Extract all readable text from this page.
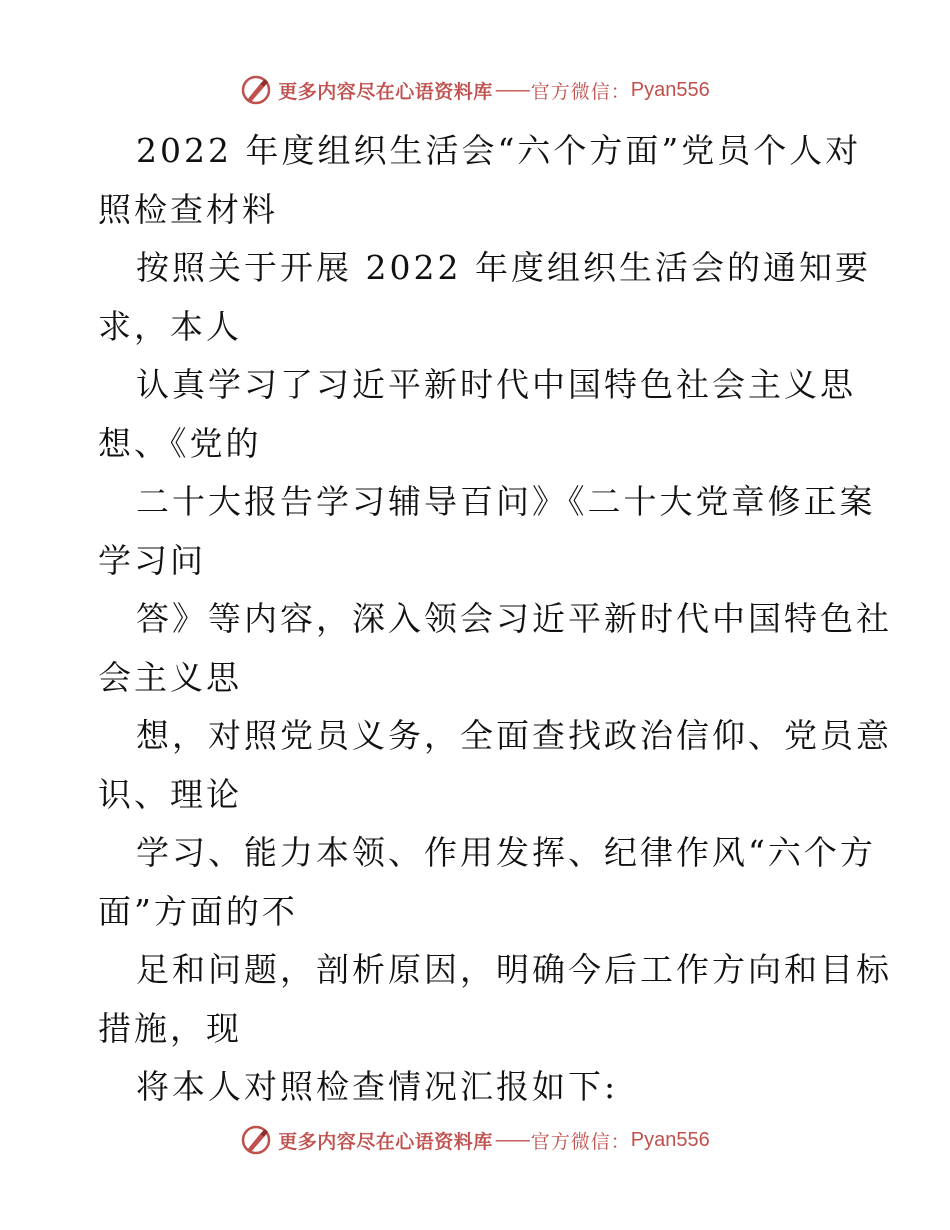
更多内容尽在心语资料库 —— 官方微信： Pyan556
2022 年度组织生活会“六个方面”党员个人对
照检查材料
按照关于开展 2022 年度组织生活会的通知要
求，本人
认真学习了习近平新时代中国特色社会主义思
想、《党的
二十大报告学习辅导百问》《二十大党章修正案
学习问
答》等内容，深入领会习近平新时代中国特色社
会主义思
想，对照党员义务，全面查找政治信仰、党员意
识、理论
学习、能力本领、作用发挥、纪律作风“六个方
面”方面的不
足和问题，剖析原因，明确今后工作方向和目标
措施，现
将本人对照检查情况汇报如下:
更多内容尽在心语资料库 —— 官方微信： Pyan556
